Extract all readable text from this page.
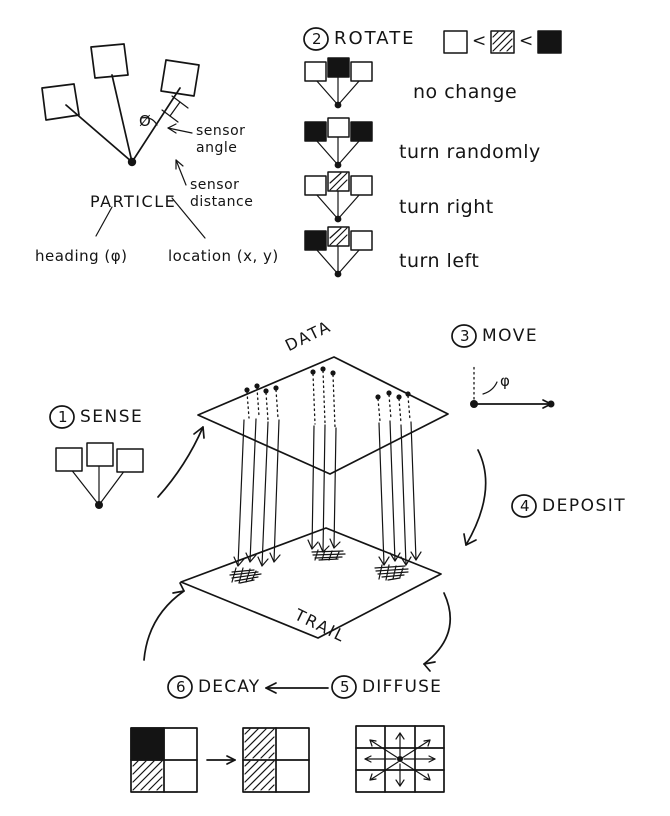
Ø
sensor
angle
sensor
distance
PARTICLE
heading (φ)	location (x, y)
2 ROTATE	< <
no change
turn randomly
turn right
turn left
1 SENSE
3 MOVE
φ
4 DEPOSIT
5 DIFFUSE
6 DECAY
DATA
TRAIL
